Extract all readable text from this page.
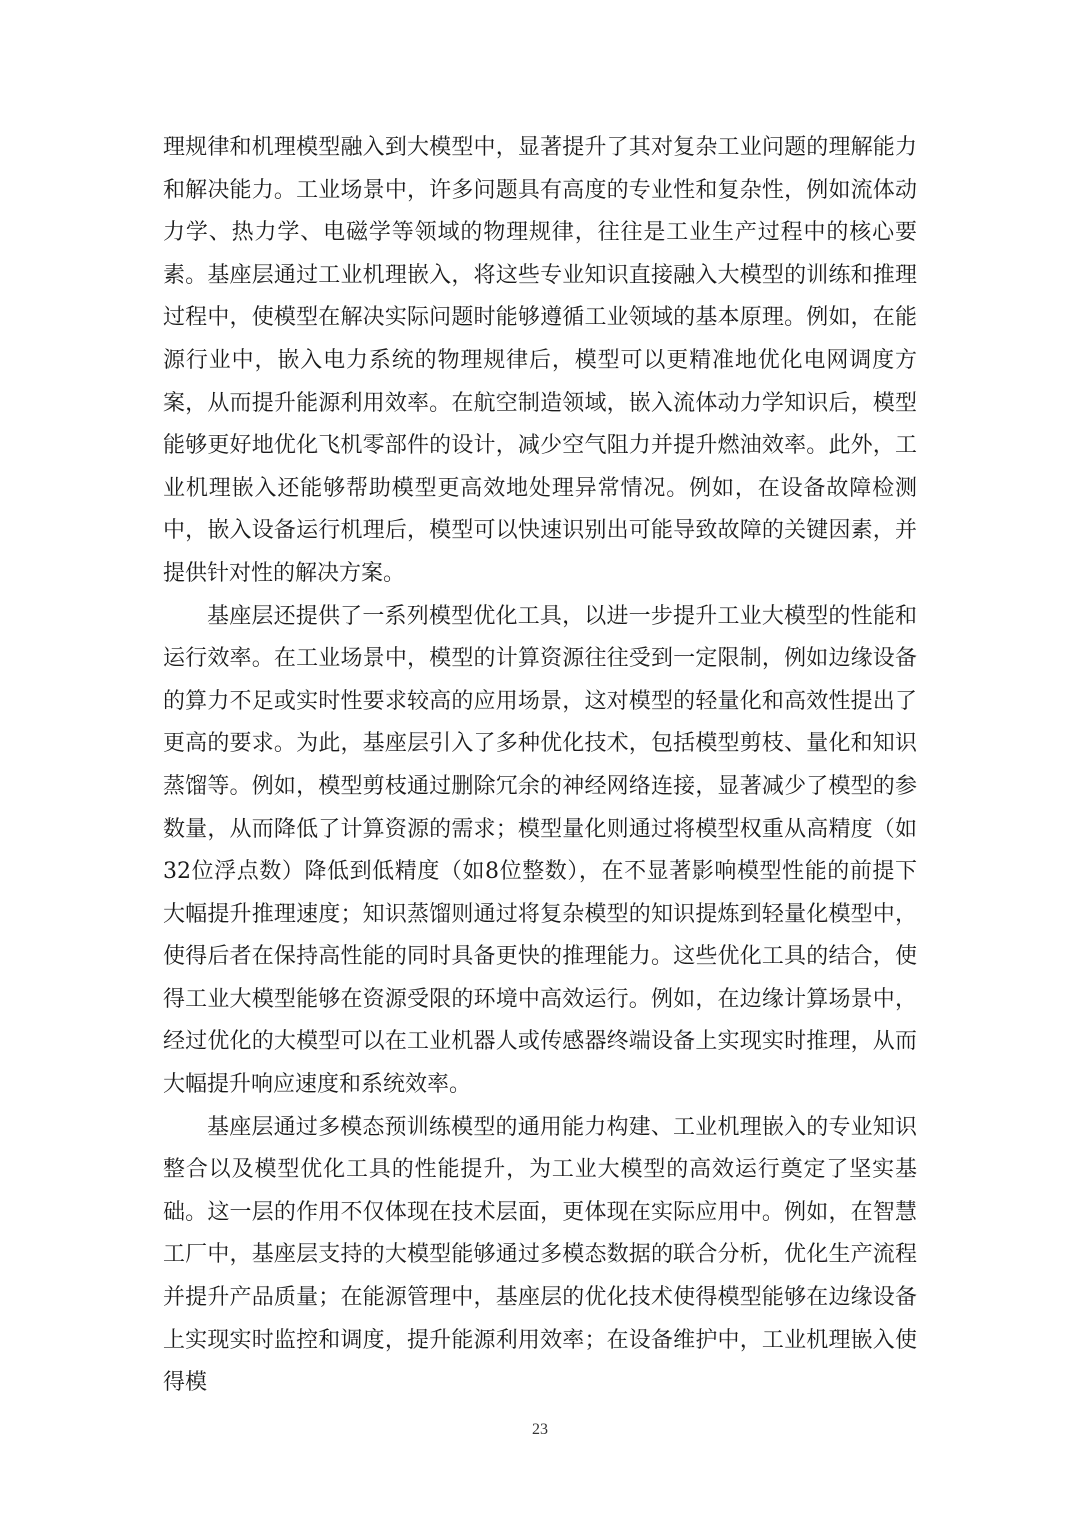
理规律和机理模型融入到大模型中，显著提升了其对复杂工业问题的理解能力和解决能力。工业场景中，许多问题具有高度的专业性和复杂性，例如流体动力学、热力学、电磁学等领域的物理规律，往往是工业生产过程中的核心要素。基座层通过工业机理嵌入，将这些专业知识直接融入大模型的训练和推理过程中，使模型在解决实际问题时能够遵循工业领域的基本原理。例如，在能源行业中，嵌入电力系统的物理规律后，模型可以更精准地优化电网调度方案，从而提升能源利用效率。在航空制造领域，嵌入流体动力学知识后，模型能够更好地优化飞机零部件的设计，减少空气阻力并提升燃油效率。此外，工业机理嵌入还能够帮助模型更高效地处理异常情况。例如，在设备故障检测中，嵌入设备运行机理后，模型可以快速识别出可能导致故障的关键因素，并提供针对性的解决方案。

基座层还提供了一系列模型优化工具，以进一步提升工业大模型的性能和运行效率。在工业场景中，模型的计算资源往往受到一定限制，例如边缘设备的算力不足或实时性要求较高的应用场景，这对模型的轻量化和高效性提出了更高的要求。为此，基座层引入了多种优化技术，包括模型剪枝、量化和知识蒸馏等。例如，模型剪枝通过删除冗余的神经网络连接，显著减少了模型的参数量，从而降低了计算资源的需求；模型量化则通过将模型权重从高精度（如32位浮点数）降低到低精度（如8位整数），在不显著影响模型性能的前提下大幅提升推理速度；知识蒸馏则通过将复杂模型的知识提炼到轻量化模型中，使得后者在保持高性能的同时具备更快的推理能力。这些优化工具的结合，使得工业大模型能够在资源受限的环境中高效运行。例如，在边缘计算场景中，经过优化的大模型可以在工业机器人或传感器终端设备上实现实时推理，从而大幅提升响应速度和系统效率。

基座层通过多模态预训练模型的通用能力构建、工业机理嵌入的专业知识整合以及模型优化工具的性能提升，为工业大模型的高效运行奠定了坚实基础。这一层的作用不仅体现在技术层面，更体现在实际应用中。例如，在智慧工厂中，基座层支持的大模型能够通过多模态数据的联合分析，优化生产流程并提升产品质量；在能源管理中，基座层的优化技术使得模型能够在边缘设备上实现实时监控和调度，提升能源利用效率；在设备维护中，工业机理嵌入使得模

23
